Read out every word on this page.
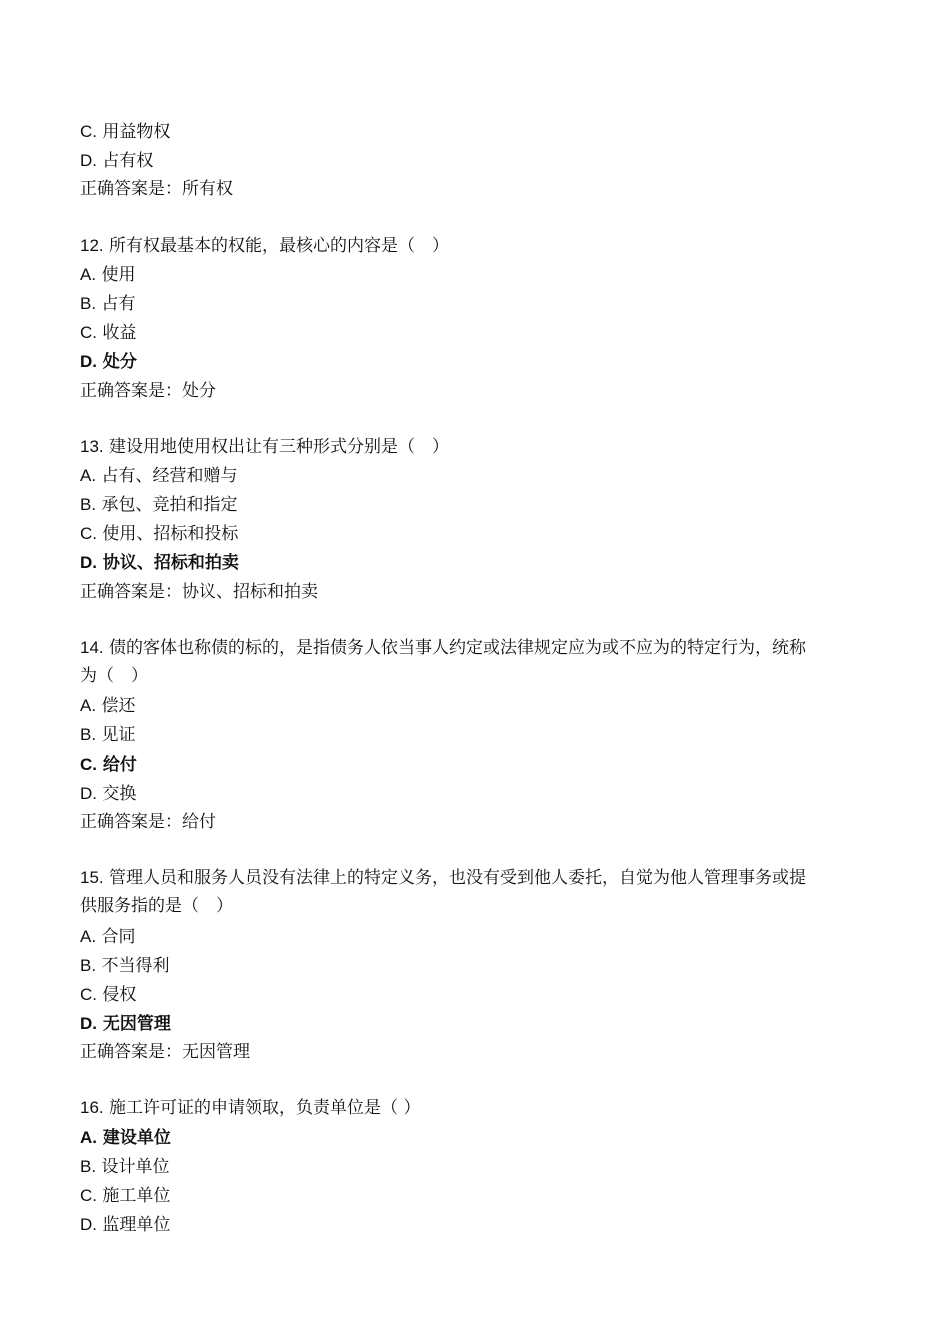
C. 用益物权
D. 占有权
正确答案是：所有权
12. 所有权最基本的权能，最核心的内容是（　）
A. 使用
B. 占有
C. 收益
D. 处分
正确答案是：处分
13. 建设用地使用权出让有三种形式分别是（　）
A. 占有、经营和赠与
B. 承包、竞拍和指定
C. 使用、招标和投标
D. 协议、招标和拍卖
正确答案是：协议、招标和拍卖
14. 债的客体也称债的标的，是指债务人依当事人约定或法律规定应为或不应为的特定行为，统称
为（　）
A. 偿还
B. 见证
C. 给付
D. 交换
正确答案是：给付
15. 管理人员和服务人员没有法律上的特定义务，也没有受到他人委托，自觉为他人管理事务或提
供服务指的是（　）
A. 合同
B. 不当得利
C. 侵权
D. 无因管理
正确答案是：无因管理
16. 施工许可证的申请领取，负责单位是（ ）
A. 建设单位
B. 设计单位
C. 施工单位
D. 监理单位
